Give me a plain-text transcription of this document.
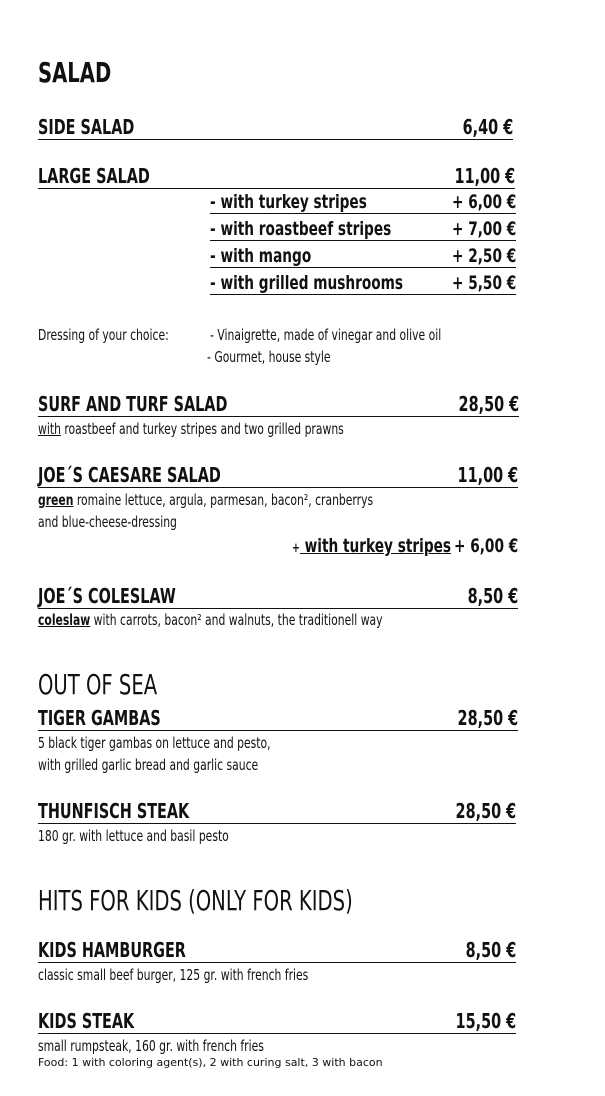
SALAD
SIDE SALAD	6,40 €
LARGE SALAD	11,00 €
- with turkey stripes	+ 6,00 €
- with roastbeef stripes	+ 7,00 €
- with mango	+ 2,50 €
- with grilled mushrooms	+ 5,50 €
Dressing of your choice:	- Vinaigrette, made of vinegar and olive oil
- Gourmet, house style
SURF AND TURF SALAD	28,50 €
with roastbeef and turkey stripes and two grilled prawns
JOE´S CAESARE SALAD	11,00 €
green romaine lettuce, argula, parmesan, bacon², cranberrys
and blue-cheese-dressing
+ with turkey stripes + 6,00 €
JOE´S COLESLAW	8,50 €
coleslaw with carrots, bacon² and walnuts, the traditionell way
OUT OF SEA
TIGER GAMBAS	28,50 €
5 black tiger gambas on lettuce and pesto,
with grilled garlic bread and garlic sauce
THUNFISCH STEAK	28,50 €
180 gr. with lettuce and basil pesto
HITS FOR KIDS (ONLY FOR KIDS)
KIDS HAMBURGER	8,50 €
classic small beef burger, 125 gr. with french fries
KIDS STEAK	15,50 €
small rumpsteak, 160 gr. with french fries
Food: 1 with coloring agent(s), 2 with curing salt, 3 with bacon
